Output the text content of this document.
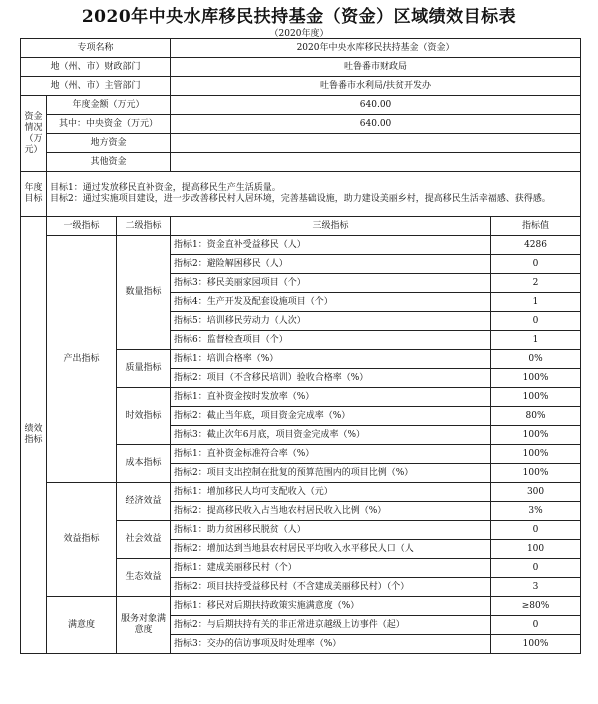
2020年中央水库移民扶持基金（资金）区域绩效目标表
（2020年度）
专项名称			2020年中央水库移民扶持基金（资金）	
地（州、市）财政部门			吐鲁番市财政局	
地（州、市）主管部门			吐鲁番市水利局/扶贫开发办	
资金情况（万元）	年度金额（万元）		640.00	
	其中：中央资金（万元）		640.00	
	地方资金			
	其他资金			
年度目标	目标1：通过发放移民直补资金，提高移民生产生活质量。
目标2：通过实施项目建设，进一步改善移民村人居环境，完善基础设施，助力建设美丽乡村，提高移民生活幸福感、获得感。			

绩效指标	一级指标	二级指标	三级指标	指标值
	产出指标	数量指标	指标1：资金直补受益移民（人）	4286
			指标2：避险解困移民（人）	0
			指标3：移民美丽家园项目（个）	2
			指标4：生产开发及配套设施项目（个）	1
			指标5：培训移民劳动力（人次）	0
			指标6：监督检查项目（个）	1
		质量指标	指标1：培训合格率（%）	0%
			指标2：项目（不含移民培训）验收合格率（%）	100%
		时效指标	指标1：直补资金按时发放率（%）	100%
			指标2：截止当年底，项目资金完成率（%）	80%
			指标3：截止次年6月底，项目资金完成率（%）	100%
		成本指标	指标1：直补资金标准符合率（%）	100%
			指标2：项目支出控制在批复的预算范围内的项目比例（%）	100%
	效益指标	经济效益	指标1：增加移民人均可支配收入（元）	300
			指标2：提高移民收入占当地农村居民收入比例（%）	3%
		社会效益	指标1：助力贫困移民脱贫（人）	0
			指标2：增加达到当地县农村居民平均收入水平移民人口（人	100
		生态效益	指标1：建成美丽移民村（个）	0
			指标2：项目扶持受益移民村（不含建成美丽移民村）（个）	3
	满意度	服务对象满意度	指标1：移民对后期扶持政策实施满意度（%）	≥80%
			指标2：与后期扶持有关的非正常进京越级上访事件（起）	0
			指标3：交办的信访事项及时处理率（%）	100%
